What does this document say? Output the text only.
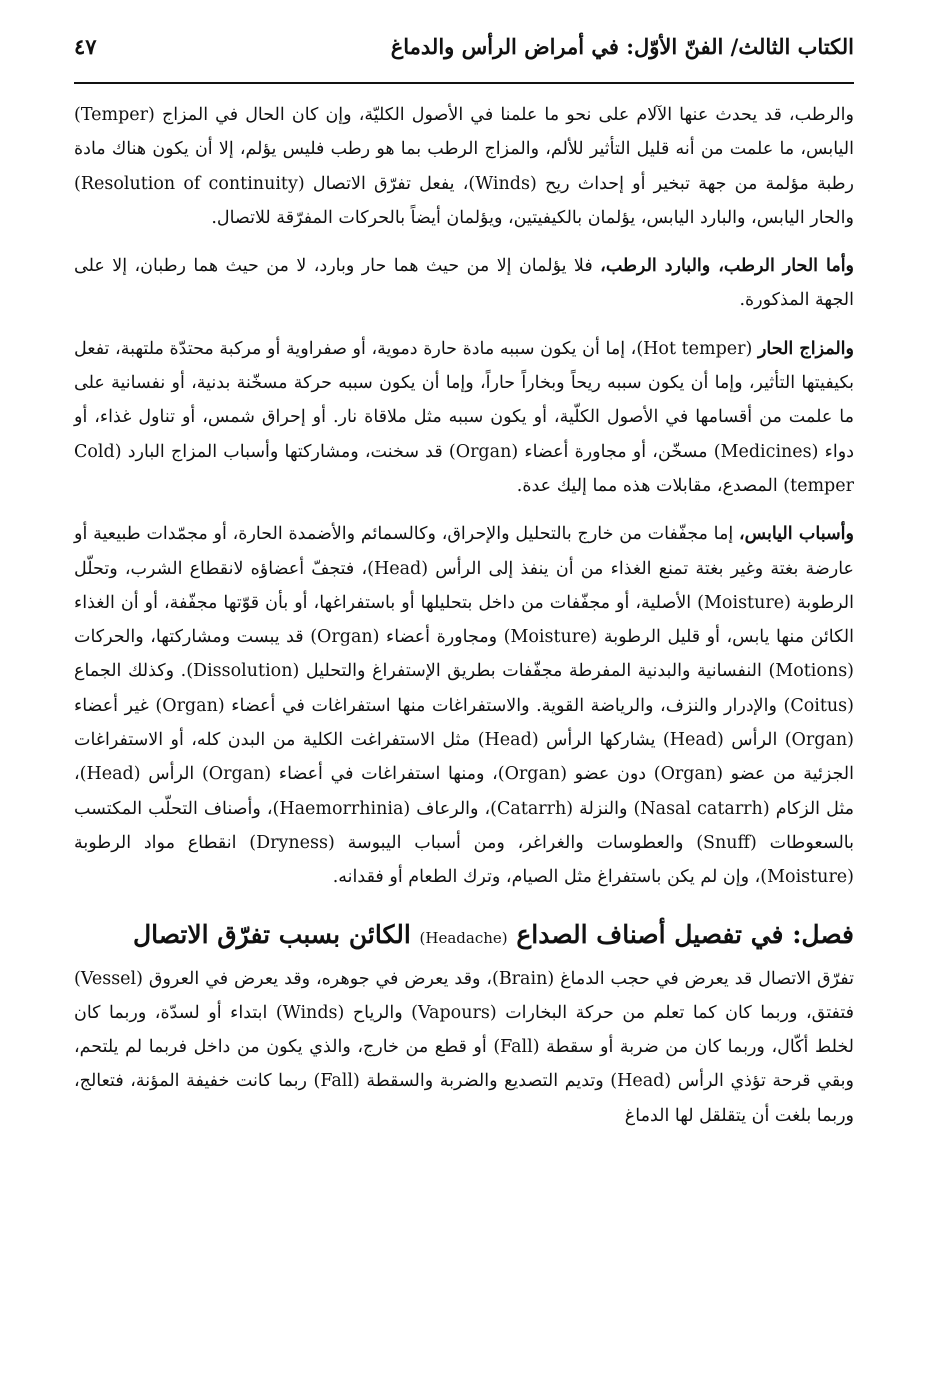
الكتاب الثالث/ الفنّ الأوّل: في أمراض الرأس والدماغ
٤٧

والرطب، قد يحدث عنها الآلام على نحو ما علمنا في الأصول الكليّة، وإن كان الحال في المزاج (Temper) اليابس، ما علمت من أنه قليل التأثير للألم، والمزاج الرطب بما هو رطب فليس يؤلم، إلا أن يكون هناك مادة رطبة مؤلمة من جهة تبخير أو إحداث ريح (Winds)، يفعل تفرّق الاتصال (Resolution of continuity) والحار اليابس، والبارد اليابس، يؤلمان بالكيفيتين، ويؤلمان أيضاً بالحركات المفرّقة للاتصال.

وأما الحار الرطب، والبارد الرطب، فلا يؤلمان إلا من حيث هما حار وبارد، لا من حيث هما رطبان، إلا على الجهة المذكورة.

والمزاج الحار (Hot temper)، إما أن يكون سببه مادة حارة دموية، أو صفراوية أو مركبة محتدّة ملتهبة، تفعل بكيفيتها التأثير، وإما أن يكون سببه ريحاً وبخاراً حاراً، وإما أن يكون سببه حركة مسخّنة بدنية، أو نفسانية على ما علمت من أقسامها في الأصول الكلّية، أو يكون سببه مثل ملاقاة نار. أو إحراق شمس، أو تناول غذاء، أو دواء (Medicines) مسخّن، أو مجاورة أعضاء (Organ) قد سخنت، ومشاركتها وأسباب المزاج البارد (Cold temper) المصدع، مقابلات هذه مما إليك عدة.

وأسباب اليابس، إما مجفّفات من خارج بالتحليل والإحراق، وكالسمائم والأضمدة الحارة، أو مجمّدات طبيعية أو عارضة بغتة وغير بغتة تمنع الغذاء من أن ينفذ إلى الرأس (Head)، فتجفّ أعضاؤه لانقطاع الشرب، وتحلّل الرطوبة (Moisture) الأصلية، أو مجفّفات من داخل بتحليلها أو باستفراغها، أو بأن قوّتها مجفّفة، أو أن الغذاء الكائن منها يابس، أو قليل الرطوبة (Moisture) ومجاورة أعضاء (Organ) قد يبست ومشاركتها، والحركات (Motions) النفسانية والبدنية المفرطة مجفّفات بطريق الإستفراغ والتحليل (Dissolution). وكذلك الجماع (Coitus) والإدرار والنزف، والرياضة القوية. والاستفراغات منها استفراغات في أعضاء (Organ) غير أعضاء (Organ) الرأس (Head) يشاركها الرأس (Head) مثل الاستفراغت الكلية من البدن كله، أو الاستفراغات الجزئية من عضو (Organ) دون عضو (Organ)، ومنها استفراغات في أعضاء (Organ) الرأس (Head)، مثل الزكام (Nasal catarrh) والنزلة (Catarrh)، والرعاف (Haemorrhinia)، وأصناف التحلّب المكتسب بالسعوطات (Snuff) والعطوسات والغراغر، ومن أسباب اليبوسة (Dryness) انقطاع مواد الرطوبة (Moisture)، وإن لم يكن باستفراغ مثل الصيام، وترك الطعام أو فقدانه.

فصل: في تفصيل أصناف الصداع (Headache) الكائن بسبب تفرّق الاتصال

تفرّق الاتصال قد يعرض في حجب الدماغ (Brain)، وقد يعرض في جوهره، وقد يعرض في العروق (Vessel) فتفتق، وربما كان كما تعلم من حركة البخارات (Vapours) والرياح (Winds) ابتداء أو لسدّة، وربما كان لخلط أكّال، وربما كان من ضربة أو سقطة (Fall) أو قطع من خارج، والذي يكون من داخل فربما لم يلتحم، وبقي قرحة تؤذي الرأس (Head) وتديم التصديع والضربة والسقطة (Fall) ربما كانت خفيفة المؤنة، فتعالج، وربما بلغت أن يتقلقل لها الدماغ
